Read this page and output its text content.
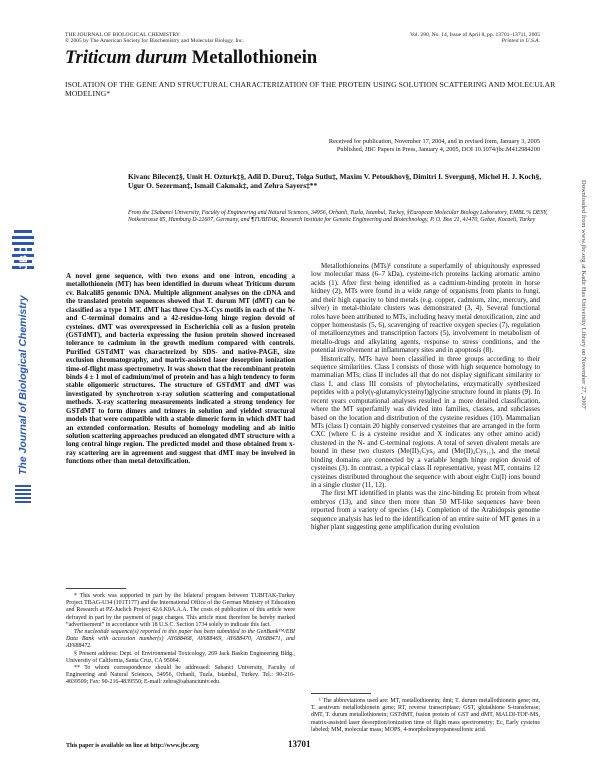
THE JOURNAL OF BIOLOGICAL CHEMISTRY
© 2005 by The American Society for Biochemistry and Molecular Biology, Inc.
Vol. 280, No. 14, Issue of April 8, pp. 13701–13711, 2005
Printed in U.S.A.
Triticum durum Metallothionein
ISOLATION OF THE GENE AND STRUCTURAL CHARACTERIZATION OF THE PROTEIN USING SOLUTION SCATTERING AND MOLECULAR MODELING*
Received for publication, November 17, 2004, and in revised form, January 3, 2005
Published, JBC Papers in Press, January 4, 2005, DOI 10.1074/jbc.M412984200
Kivanc Bilecen‡§, Umit H. Ozturk‡§, Adil D. Duru‡, Tolga Sutlu‡, Maxim V. Petoukhov§, Dimitri I. Svergun§, Michel H. J. Koch§, Ugur O. Sezerman‡, Ismail Cakmak‡, and Zehra Sayers‡**
From the ‡Sabanci University, Faculty of Engineering and Natural Sciences, 34956, Orhanli, Tuzla, Istanbul, Turkey, §European Molecular Biology Laboratory, EMBL % DESY, Notkestrasse 85, Hamburg D-22607, Germany, and ¶TUBITAK, Research Institute for Genetic Engineering and Biotechnology, P. O. Box 21, 41470, Gebze, Kocaeli, Turkey
JBC
The Journal of Biological Chemistry	Downloaded from www.jbc.org at Kadir Has University Library on November 27, 2007
A novel gene sequence, with two exons and one intron, encoding a metallothionein (MT) has been identified in durum wheat Triticum durum cv. Balcali85 genomic DNA. Multiple alignment analyses on the cDNA and the translated protein sequences showed that T. durum MT (dMT) can be classified as a type 1 MT. dMT has three Cys-X-Cys motifs in each of the N- and C-terminal domains and a 42-residue-long hinge region devoid of cysteines. dMT was overexpressed in Escherichia coli as a fusion protein (GSTdMT), and bacteria expressing the fusion protein showed increased tolerance to cadmium in the growth medium compared with controls. Purified GSTdMT was characterized by SDS- and native-PAGE, size exclusion chromatography, and matrix-assisted laser desorption ionization time-of-flight mass spectrometry. It was shown that the recombinant protein binds 4 ± 1 mol of cadmium/mol of protein and has a high tendency to form stable oligomeric structures. The structure of GSTdMT and dMT was investigated by synchrotron x-ray solution scattering and computational methods. X-ray scattering measurements indicated a strong tendency for GSTdMT to form dimers and trimers in solution and yielded structural models that were compatible with a stable dimeric form in which dMT had an extended conformation. Results of homology modeling and ab initio solution scattering approaches produced an elongated dMT structure with a long central hinge region. The predicted model and those obtained from x-ray scattering are in agreement and suggest that dMT may be involved in functions other than metal detoxification.

Metallothioneins (MTs)¹ constitute a superfamily of ubiquitously expressed low molecular mass (6–7 kDa), cysteine-rich proteins lacking aromatic amino acids (1). After first being identified as a cadmium-binding protein in horse kidney (2), MTs were found in a wide range of organisms from plants to fungi, and their high capacity to bind metals (e.g. copper, cadmium, zinc, mercury, and silver) in metal-thiolate clusters was demonstrated (3, 4). Several functional roles have been attributed to MTs, including heavy metal detoxification, zinc and copper homeostasis (5, 6), scavenging of reactive oxygen species (7), regulation of metalloenzymes and transcription factors (5), involvement in metabolism of metallo-drugs and alkylating agents, response to stress conditions, and the potential involvement at inflammatory sites and in apoptosis (8).

Historically, MTs have been classified in three groups according to their sequence similarities. Class I consists of those with high sequence homology to mammalian MTs; class II includes all that do not display significant similarity to class I, and class III consists of phytochelatins, enzymatically synthesized peptides with a poly(γ-glutamylcysteinyl)glycine structure found in plants (9). In recent years computational analyses resulted in a more detailed classification, where the MT superfamily was divided into families, classes, and subclasses based on the location and distribution of the cysteine residues (10). Mammalian MTs (class I) contain 20 highly conserved cysteines that are arranged in the form CXC (where C is a cysteine residue and X indicates any other amino acid) clustered in the N- and C-terminal regions. A total of seven divalent metals are bound in these two clusters (Me(II)₃Cys₉ and (Me(II)₄Cys₁₁), and the metal binding domains are connected by a variable length hinge region devoid of cysteines (3). In contrast, a typical class II representative, yeast MT, contains 12 cysteines distributed throughout the sequence with about eight Cu(I) ions bound in a single cluster (11, 12).

The first MT identified in plants was the zinc-binding Ec protein from wheat embryos (13), and since then more than 50 MT-like sequences have been reported from a variety of species (14). Completion of the Arabidopsis genome sequence analysis has led to the identification of an entire suite of MT genes in a higher plant suggesting gene amplification during evolution

* This work was supported in part by the bilateral program between TUBITAK-Turkey Project TBAG-U34 (101T177) and the International Office of the German Ministry of Education and Research at PZ-Juelich Project 42.6.K0A.A.A. The costs of publication of this article were defrayed in part by the payment of page charges. This article must therefore be hereby marked “advertisement” in accordance with 18 U.S.C. Section 1734 solely to indicate this fact.

The nucleotide sequence(s) reported in this paper has been submitted to the GenBank™/EBI Data Bank with accession number(s) AY688468, AY688469, AY688470, AY688471, and AY688472.

§ Present address: Dept. of Environmental Toxicology, 269 Jack Baskin Engineering Bldg., University of California, Santa Cruz, CA 95064.

** To whom correspondence should be addressed: Sabanci University, Faculty of Engineering and Natural Sciences, 34956, Orhanli, Tuzla, Istanbul, Turkey. Tel.: 90-216-4839509; Fax: 90-216-4839550; E-mail: zehra@sabanciuniv.edu.

¹ The abbreviations used are: MT, metallothionein; dmt; T. durum metallothionein gene; mt, T. aestivum metallothionein gene; RT, reverse transcriptase; GST, glutathione S-transferase; dMT, T. durum metallothionein; GSTdMT, fusion protein of GST and dMT, MALDI-TOF-MS, matrix-assisted laser desorption/ionization time of flight mass spectrometry; Ec, Early cysteine labeled; MM, molecular mass; MOPS, 4-morpholinepropanesulfonic acid.

This paper is available on line at http://www.jbc.org	13701
